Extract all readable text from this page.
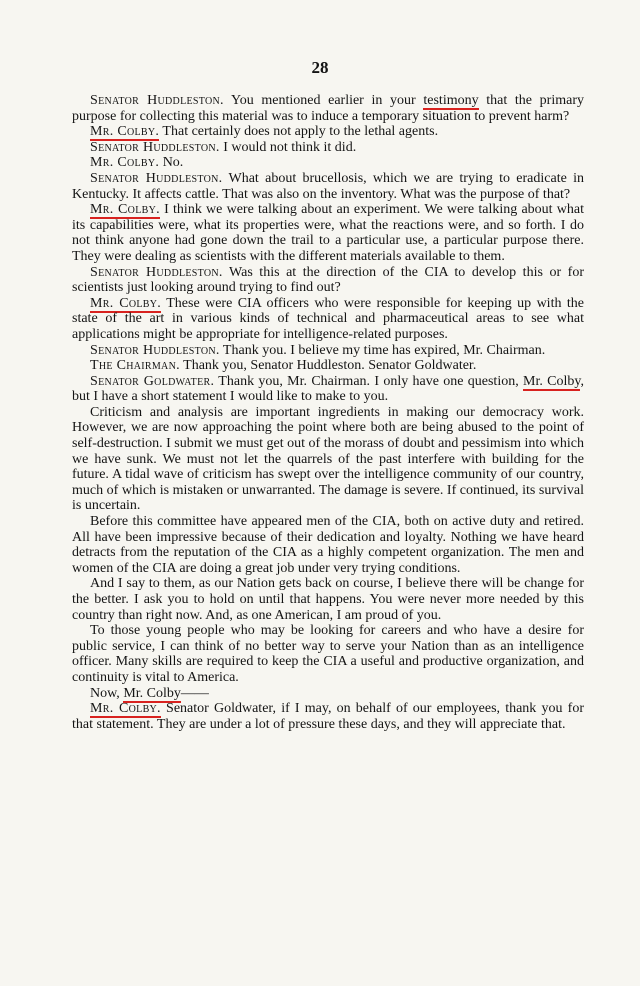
28

Senator Huddleston. You mentioned earlier in your testimony that the primary purpose for collecting this material was to induce a temporary situation to prevent harm?

Mr. Colby. That certainly does not apply to the lethal agents.

Senator Huddleston. I would not think it did.

Mr. Colby. No.

Senator Huddleston. What about brucellosis, which we are trying to eradicate in Kentucky. It affects cattle. That was also on the inventory. What was the purpose of that?

Mr. Colby. I think we were talking about an experiment. We were talking about what its capabilities were, what its properties were, what the reactions were, and so forth. I do not think anyone had gone down the trail to a particular use, a particular purpose there. They were dealing as scientists with the different materials available to them.

Senator Huddleston. Was this at the direction of the CIA to develop this or for scientists just looking around trying to find out?

Mr. Colby. These were CIA officers who were responsible for keeping up with the state of the art in various kinds of technical and pharmaceutical areas to see what applications might be appropriate for intelligence-related purposes.

Senator Huddleston. Thank you. I believe my time has expired, Mr. Chairman.

The Chairman. Thank you, Senator Huddleston. Senator Goldwater.

Senator Goldwater. Thank you, Mr. Chairman. I only have one question, Mr. Colby, but I have a short statement I would like to make to you.

Criticism and analysis are important ingredients in making our democracy work. However, we are now approaching the point where both are being abused to the point of self-destruction. I submit we must get out of the morass of doubt and pessimism into which we have sunk. We must not let the quarrels of the past interfere with building for the future. A tidal wave of criticism has swept over the intelligence community of our country, much of which is mistaken or unwarranted. The damage is severe. If continued, its survival is uncertain.

Before this committee have appeared men of the CIA, both on active duty and retired. All have been impressive because of their dedication and loyalty. Nothing we have heard detracts from the reputation of the CIA as a highly competent organization. The men and women of the CIA are doing a great job under very trying conditions.

And I say to them, as our Nation gets back on course, I believe there will be change for the better. I ask you to hold on until that happens. You were never more needed by this country than right now. And, as one American, I am proud of you.

To those young people who may be looking for careers and who have a desire for public service, I can think of no better way to serve your Nation than as an intelligence officer. Many skills are required to keep the CIA a useful and productive organization, and continuity is vital to America.

Now, Mr. Colby——

Mr. Colby. Senator Goldwater, if I may, on behalf of our employees, thank you for that statement. They are under a lot of pressure these days, and they will appreciate that.
